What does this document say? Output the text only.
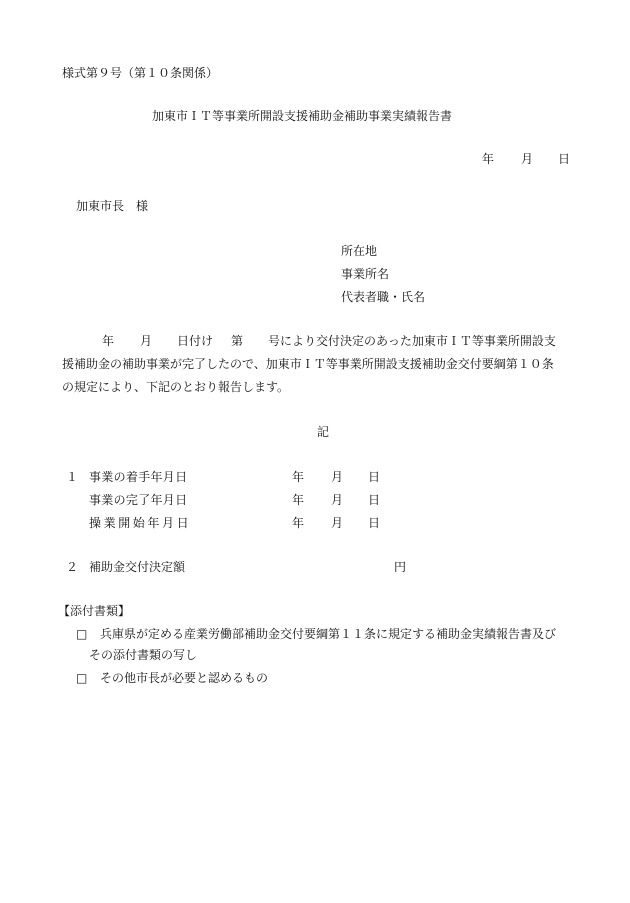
様式第９号（第１０条関係）
加東市ＩＴ等事業所開設支援補助金補助事業実績報告書
年 月 日
加東市長　様
所在地
事業所名
代表者職・氏名
年 月 日付け 第 号により交付決定のあった加東市ＩＴ等事業所開設支
援補助金の補助事業が完了したので、加東市ＩＴ等事業所開設支援補助金交付要綱第１０条
の規定により、下記のとおり報告します。
記
１ 事業の着手年月日	年 月 日
事業の完了年月日	年 月 日
操業開始年月日	年 月 日
２ 補助金交付決定額	円
【添付書類】
□ 兵庫県が定める産業労働部補助金交付要綱第１１条に規定する補助金実績報告書及び
その添付書類の写し
□ その他市長が必要と認めるもの
